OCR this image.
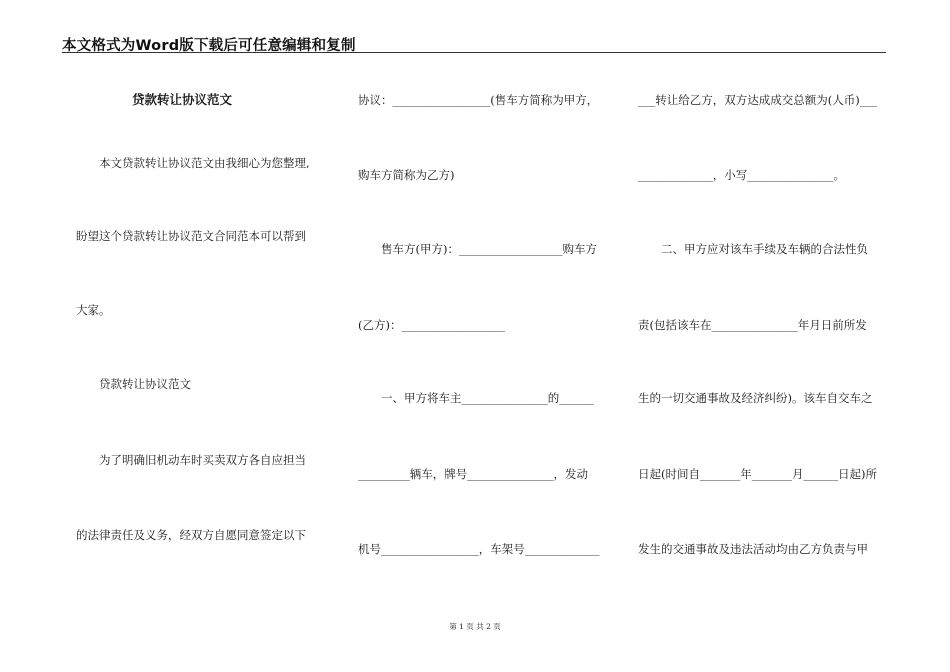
本文格式为Word版下载后可任意编辑和复制
贷款转让协议范文
　　本文贷款转让协议范文由我细心为您整理,
盼望这个贷款转让协议范文合同范本可以帮到
大家。
　　贷款转让协议范文
　　为了明确旧机动车时买卖双方各自应担当
的法律责任及义务，经双方自愿同意签定以下
协议：_________________(售车方简称为甲方，
购车方简称为乙方)
　　售车方(甲方)：__________________购车方
(乙方)：__________________
　　一、甲方将车主_______________的______
_________辆车，牌号_______________，发动
机号_________________，车架号_____________
___转让给乙方，双方达成成交总额为(人币)___
_____________，小写_______________。
　　二、甲方应对该车手续及车辆的合法性负
责(包括该车在_______________年月日前所发
生的一切交通事故及经济纠纷)。该车自交车之
日起(时间自_______年_______月______日起)所
发生的交通事故及违法活动均由乙方负责与甲
第 1 页 共 2 页
